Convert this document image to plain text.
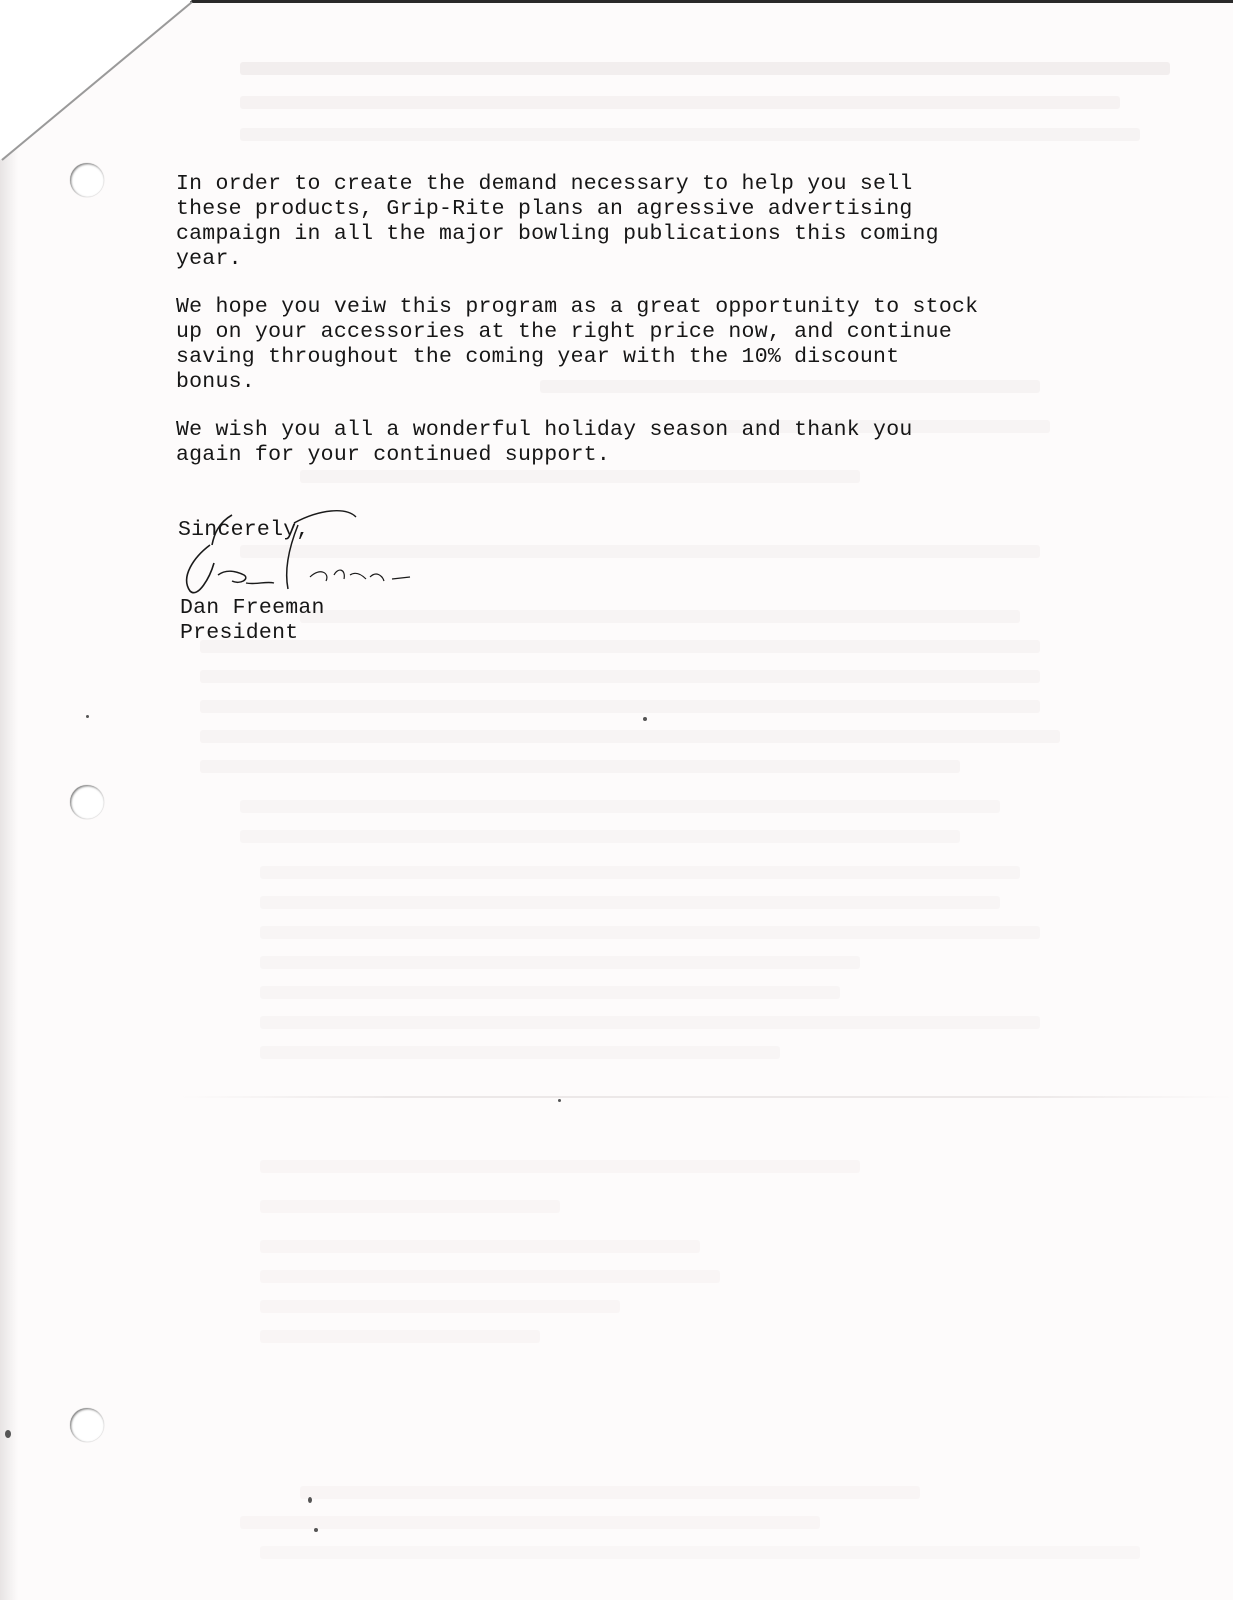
In order to create the demand necessary to help you sell
these products, Grip-Rite plans an agressive advertising
campaign in all the major bowling publications this coming
year.

We hope you veiw this program as a great opportunity to stock
up on your accessories at the right price now, and continue
saving throughout the coming year with the 10% discount
bonus.

We wish you all a wonderful holiday season and thank you
again for your continued support.

Sincerely,
Dan Freeman
President
